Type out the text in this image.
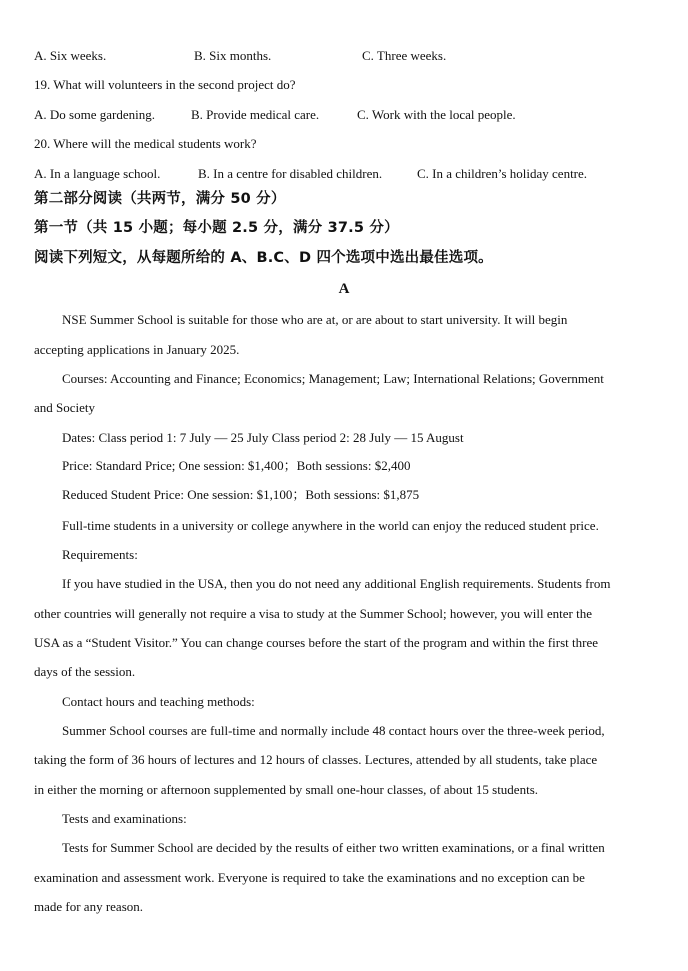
A. Six weeks.	B. Six months.	C. Three weeks.
19. What will volunteers in the second project do?
A. Do some gardening.	B. Provide medical care.	C. Work with the local people.
20. Where will the medical students work?
A. In a language school.	B. In a centre for disabled children.	C. In a children’s holiday centre.
第二部分阅读（共两节，满分 50 分）
第一节（共 15 小题；每小题 2.5 分，满分 37.5 分）
阅读下列短文，从每题所给的 A、B.C、D 四个选项中选出最佳选项。
A
NSE Summer School is suitable for those who are at, or are about to start university. It will begin
accepting applications in January 2025.
Courses: Accounting and Finance; Economics; Management; Law; International Relations; Government
and Society
Dates: Class period 1: 7 July — 25 July Class period 2: 28 July — 15 August
Price: Standard Price; One session: $1,400；Both sessions: $2,400
Reduced Student Price: One session: $1,100；Both sessions: $1,875
Full-time students in a university or college anywhere in the world can enjoy the reduced student price.
Requirements:
If you have studied in the USA, then you do not need any additional English requirements. Students from
other countries will generally not require a visa to study at the Summer School; however, you will enter the
USA as a “Student Visitor.” You can change courses before the start of the program and within the first three
days of the session.
Contact hours and teaching methods:
Summer School courses are full-time and normally include 48 contact hours over the three-week period,
taking the form of 36 hours of lectures and 12 hours of classes. Lectures, attended by all students, take place
in either the morning or afternoon supplemented by small one-hour classes, of about 15 students.
Tests and examinations:
Tests for Summer School are decided by the results of either two written examinations, or a final written
examination and assessment work. Everyone is required to take the examinations and no exception can be
made for any reason.
